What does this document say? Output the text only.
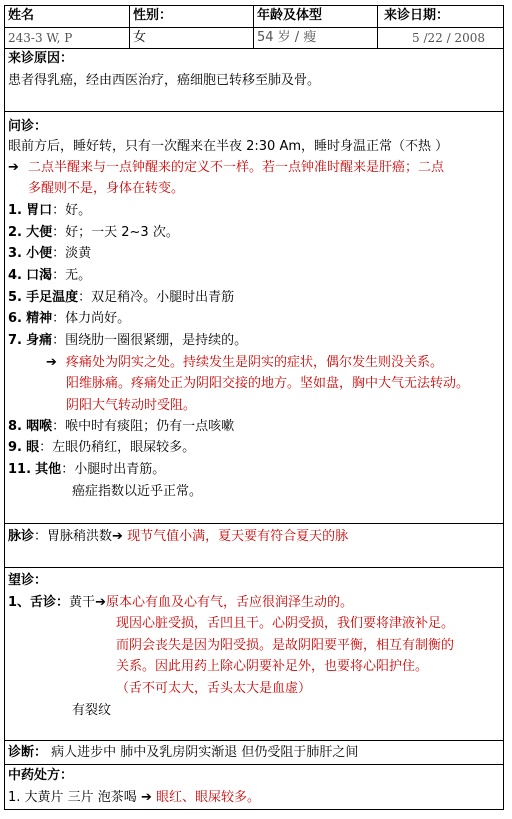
姓名	性别：	年龄及体型	来诊日期：
243-3 W, P	女	54 岁 / 瘦	5 /22 / 2008
来诊原因：
患者得乳癌，经由西医治疗，癌细胞已转移至肺及骨。
问诊：
眼前方后，睡好转，只有一次醒来在半夜 2:30 Am，睡时身温正常（不热 ）
➔ 二点半醒来与一点钟醒来的定义不一样。若一点钟准时醒来是肝癌；二点
多醒则不是，身体在转变。
1. 胃口：好。
2. 大便：好；一天 2~3 次。
3. 小便：淡黄
4. 口渴：无。
5. 手足温度：双足稍冷。小腿时出青筋
6. 精神：体力尚好。
7. 身痛：围绕肋一圈很紧绷，是持续的。
➔ 疼痛处为阴实之处。持续发生是阴实的症状，偶尔发生则没关系。
阳维脉痛。疼痛处正为阴阳交接的地方。坚如盘，胸中大气无法转动。
阴阳大气转动时受阻。
8. 咽喉：喉中时有痰阻；仍有一点咳嗽
9. 眼：左眼仍稍红，眼屎较多。
11. 其他：小腿时出青筋。
癌症指数以近乎正常。
脉诊：胃脉稍洪数➔ 现节气值小满，夏天要有符合夏天的脉
望诊：
1、舌诊：黄干➔原本心有血及心有气，舌应很润泽生动的。
现因心脏受损，舌凹且干。心阴受损，我们要将津液补足。
而阴会丧失是因为阳受损。是故阴阳要平衡，相互有制衡的
关系。因此用药上除心阴要补足外，也要将心阳护住。
（舌不可太大，舌头太大是血虚）
有裂纹
诊断： 病人进步中 肺中及乳房阴实渐退 但仍受阻于肺肝之间
中药处方：
1. 大黄片 三片 泡茶喝 ➔ 眼红、眼屎较多。
